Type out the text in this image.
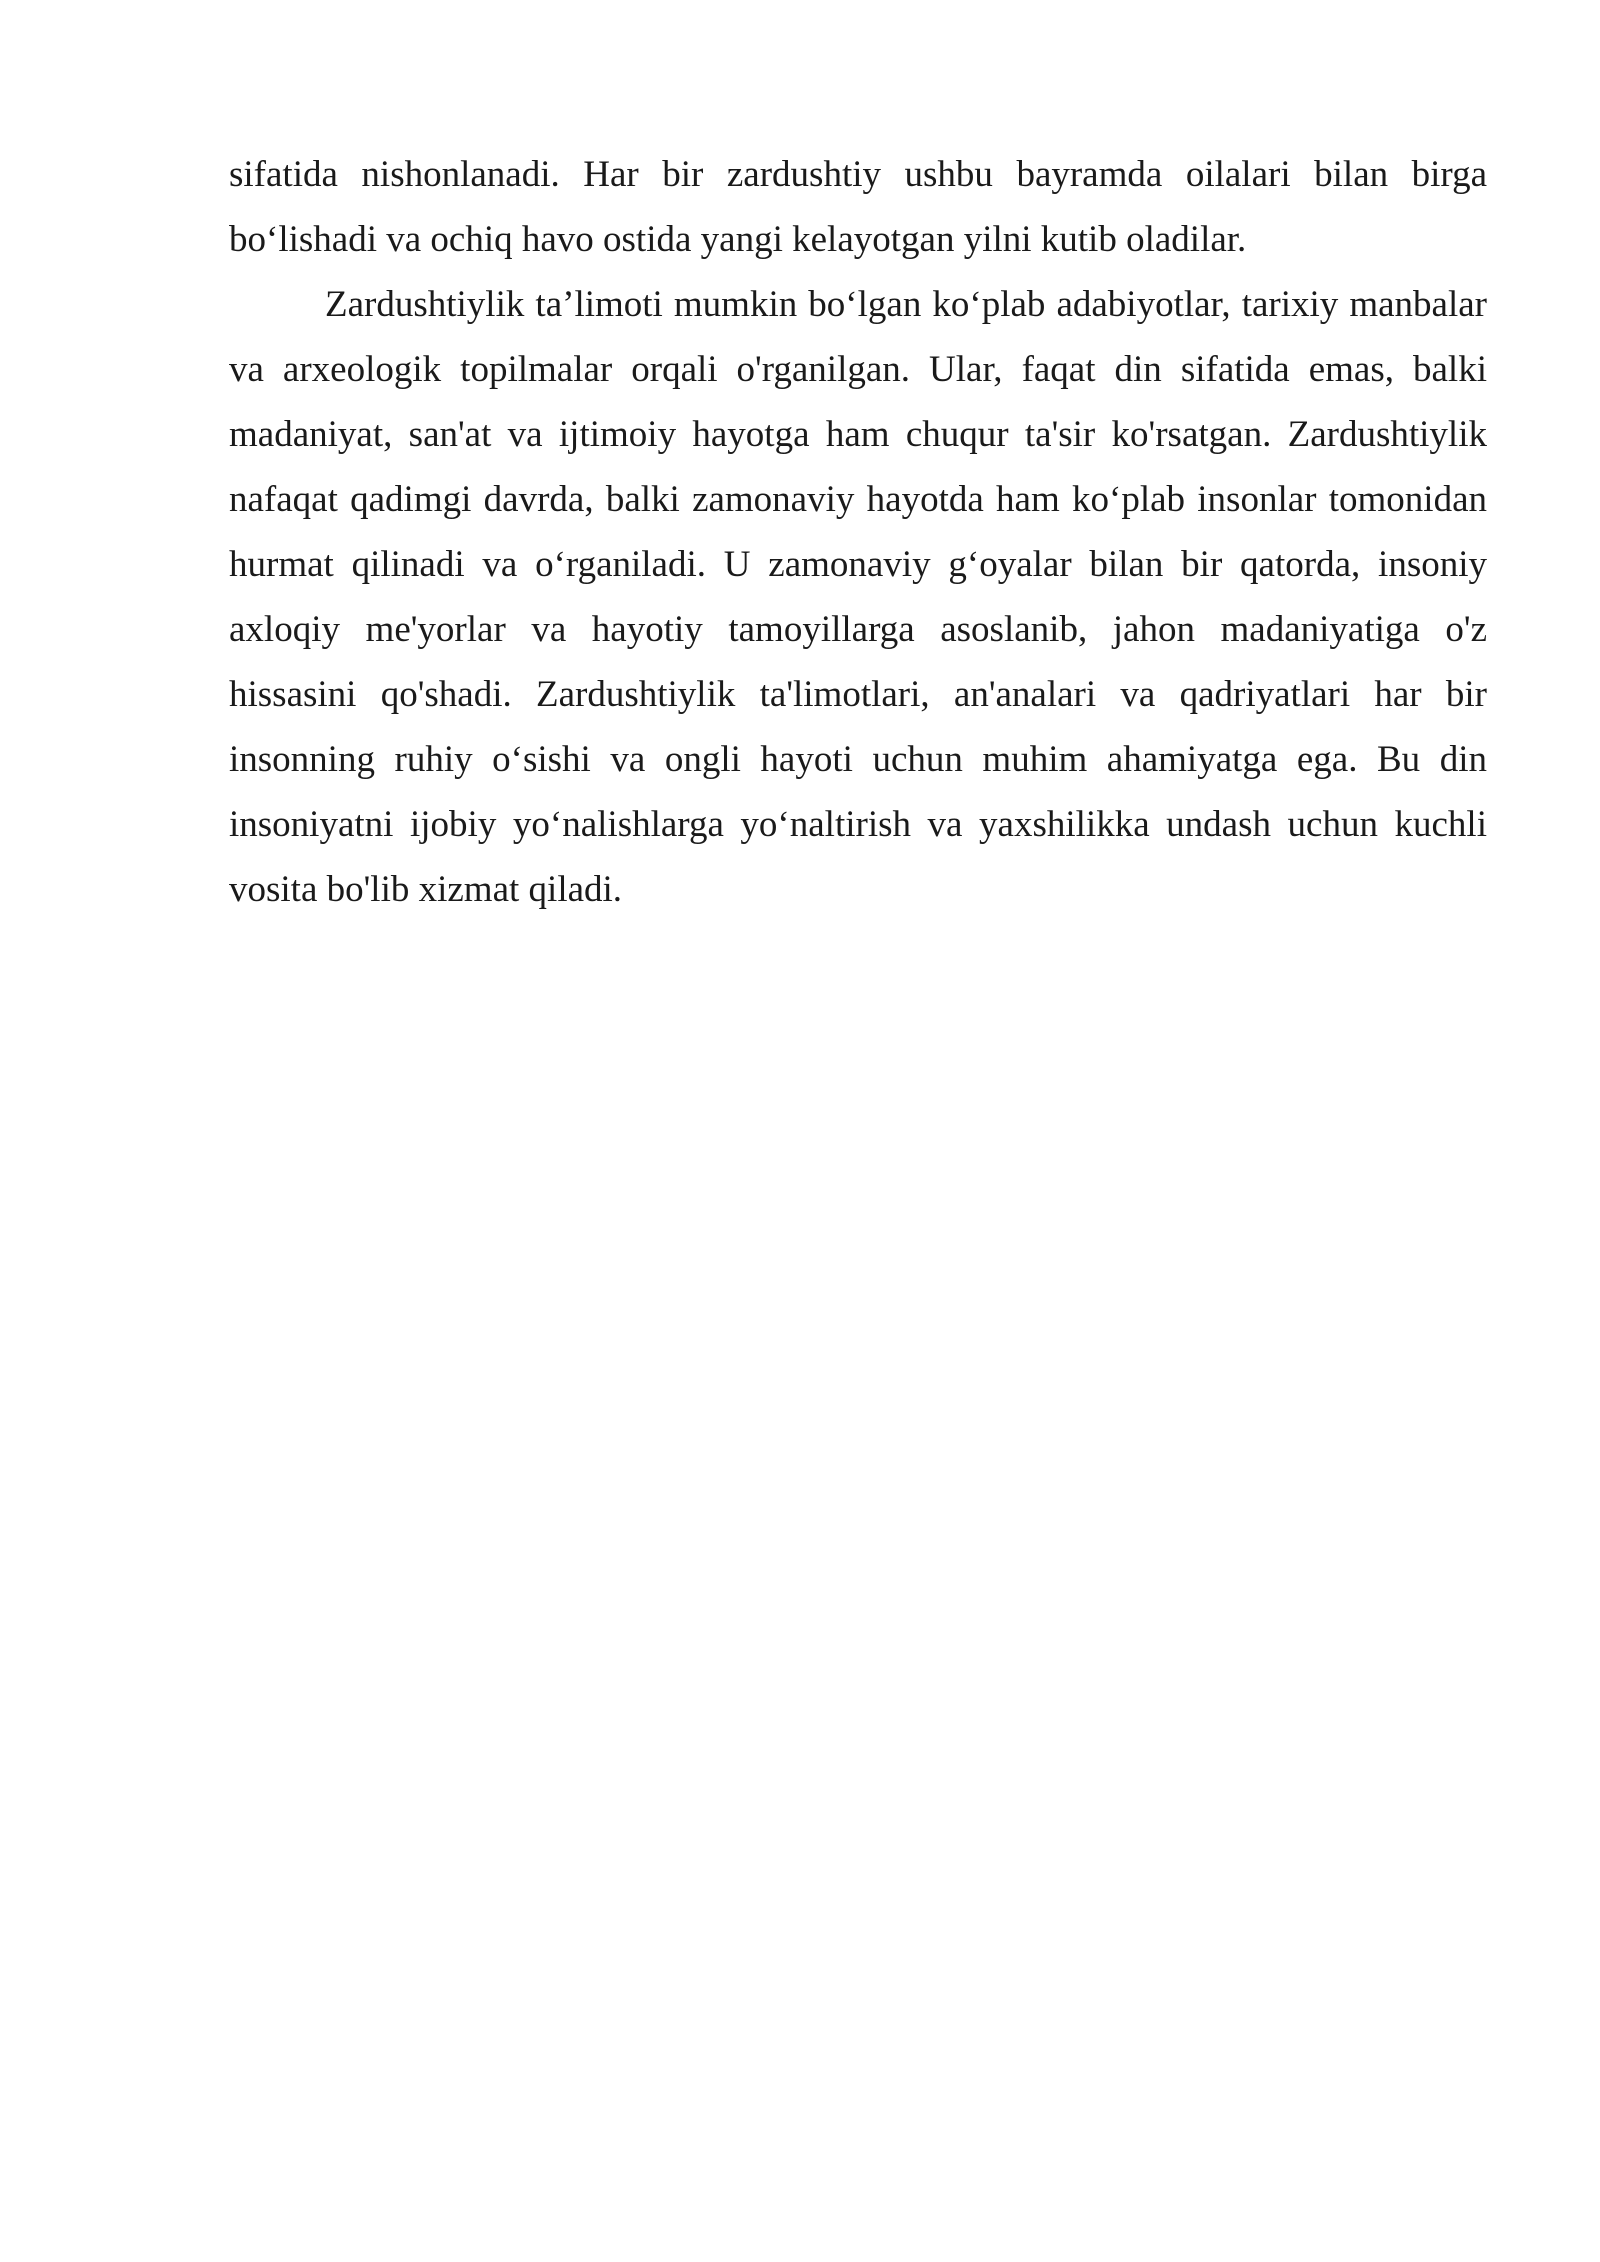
sifatida nishonlanadi. Har bir zardushtiy ushbu bayramda oilalari bilan birga bo‘lishadi va ochiq havo ostida yangi kelayotgan yilni kutib oladilar.

Zardushtiylik ta’limoti mumkin bo‘lgan ko‘plab adabiyotlar, tarixiy manbalar va arxeologik topilmalar orqali o'rganilgan. Ular, faqat din sifatida emas, balki madaniyat, san'at va ijtimoiy hayotga ham chuqur ta'sir ko'rsatgan. Zardushtiylik nafaqat qadimgi davrda, balki zamonaviy hayotda ham ko‘plab insonlar tomonidan hurmat qilinadi va o‘rganiladi. U zamonaviy g‘oyalar bilan bir qatorda, insoniy axloqiy me'yorlar va hayotiy tamoyillarga asoslanib, jahon madaniyatiga o'z hissasini qo'shadi. Zardushtiylik ta'limotlari, an'analari va qadriyatlari har bir insonning ruhiy o‘sishi va ongli hayoti uchun muhim ahamiyatga ega. Bu din insoniyatni ijobiy yo‘nalishlarga yo‘naltirish va yaxshilikka undash uchun kuchli vosita bo'lib xizmat qiladi.
